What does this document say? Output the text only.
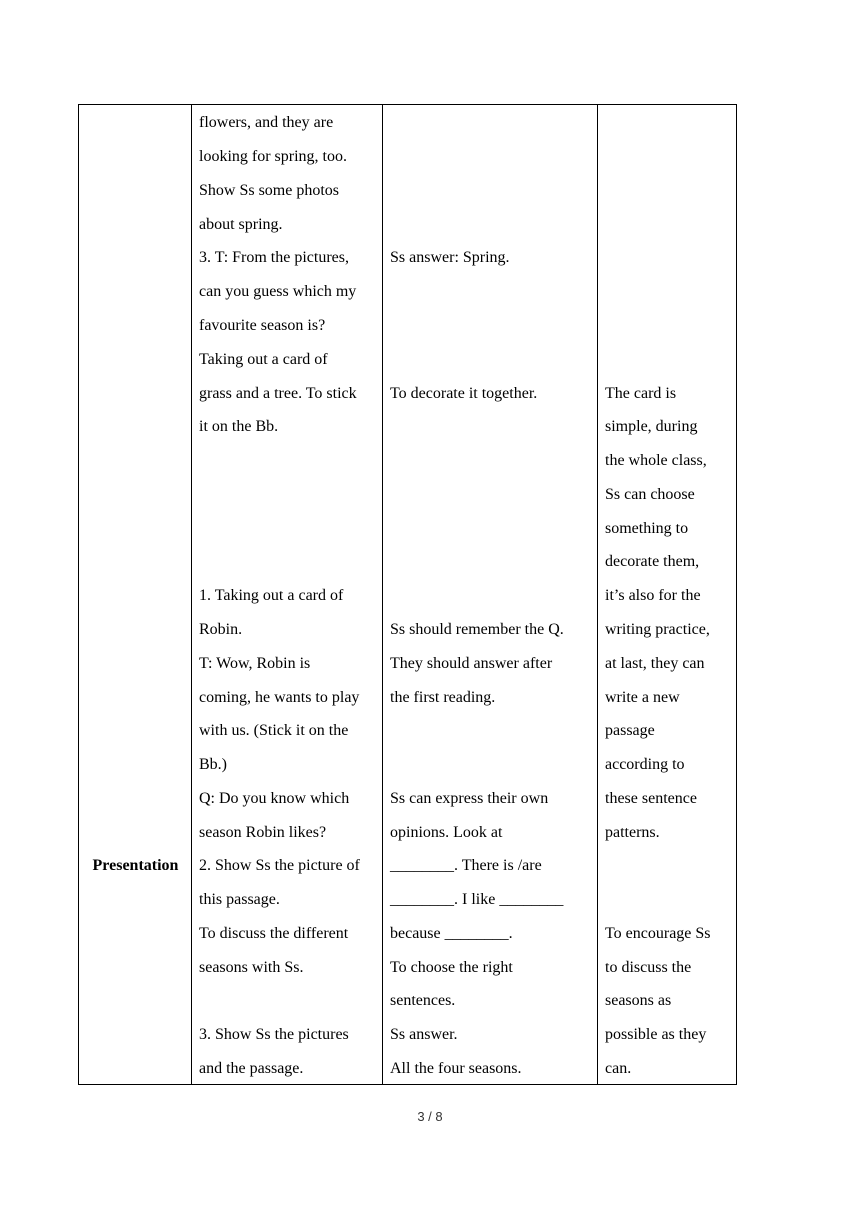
Presentation
flowers, and they are
looking for spring, too.
Show Ss some photos
about spring.
3. T: From the pictures,
can you guess which my
favourite season is?
Taking out a card of
grass and a tree. To stick
it on the Bb.
1. Taking out a card of
Robin.
T: Wow, Robin is
coming, he wants to play
with us. (Stick it on the
Bb.)
Q: Do you know which
season Robin likes?
2. Show Ss the picture of
this passage.
To discuss the different
seasons with Ss.
3. Show Ss the pictures
and the passage.
Ss answer: Spring.
To decorate it together.
Ss should remember the Q.
They should answer after
the first reading.
Ss can express their own
opinions. Look at
________. There is /are
________. I like ________
because ________.
To choose the right
sentences.
Ss answer.
All the four seasons.
The card is
simple, during
the whole class,
Ss can choose
something to
decorate them,
it’s also for the
writing practice,
at last, they can
write a new
passage
according to
these sentence
patterns.
To encourage Ss
to discuss the
seasons as
possible as they
can.
3 / 8
